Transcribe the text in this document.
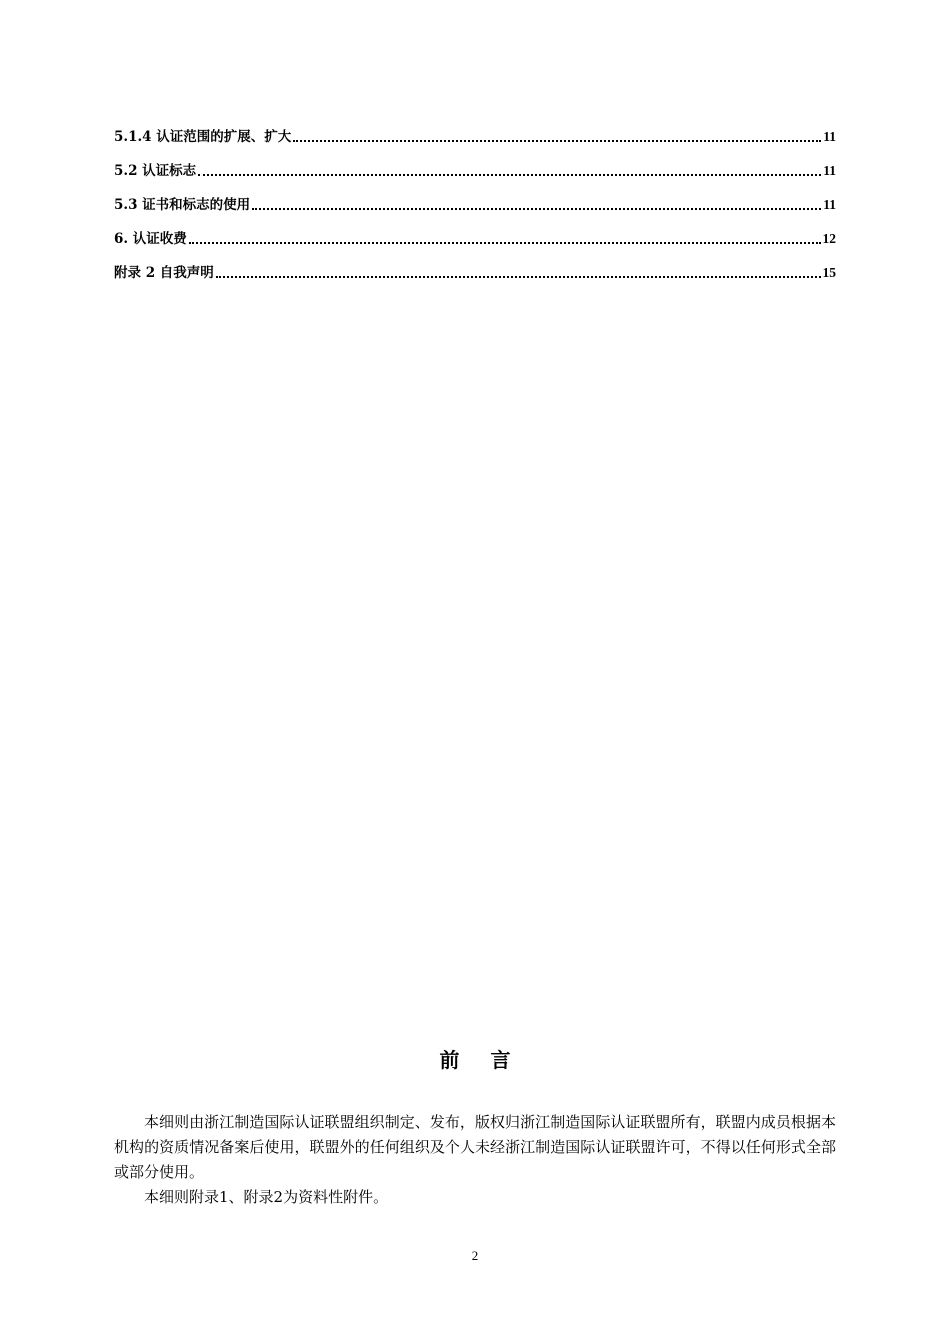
5.1.4 认证范围的扩展、扩大	11
5.2 认证标志	11
5.3 证书和标志的使用	11
6. 认证收费	12
附录 2 自我声明	15
前 言

本细则由浙江制造国际认证联盟组织制定、发布，版权归浙江制造国际认证联盟所有，联盟内成员根据本机构的资质情况备案后使用，联盟外的任何组织及个人未经浙江制造国际认证联盟许可，不得以任何形式全部或部分使用。

本细则附录1、附录2为资料性附件。

2
